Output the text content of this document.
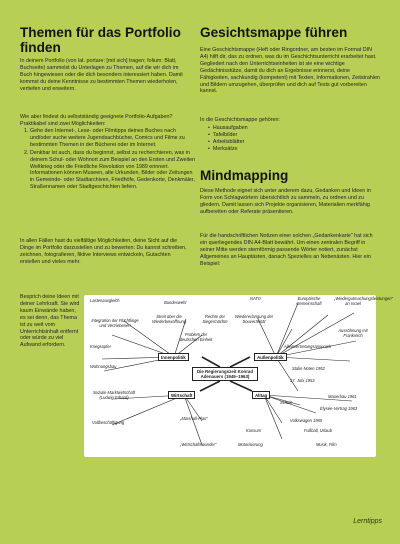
Themen für das Portfolio finden

In deinem Portfolio (von lat. portare: [mit sich] tragen; folium: Blatt, Buchseite) sammelst du Unterlagen zu Themen, auf die wir dich im Buch hingewiesen oder die dich besonders interessiert haben. Damit kommst du deine Kenntnisse zu bestimmten Themen wiederholen, vertiefen und erweitern.

Wie aber findest du selbstständig geeignete Portfolio-Aufgaben? Praktikabel sind zwei Möglichkeiten:

1. Gehe den Internet-, Lese- oder Filmtipps deines Buches nach und/oder suche weitere Jugendsachbücher, Comics und Filme zu bestimmten Themen in der Bücherei oder im Internet.
2. Denkbar ist auch, dass du beginnst, selbst zu recherchieren, was in deinem Schul- oder Wohnort zum Beispiel an den Ersten und Zweiten Weltkrieg oder die Friedliche Revolution von 1989 erinnert. Informationen können Museen, alte Urkunden, Bilder oder Zeitungen in Gemeinde- oder Stadtarchiven, Friedhöfe, Gedenkorte, Denkmäler, Straßennamen oder Stadtgeschichten liefern.

In allen Fällen hast du vielfältige Möglichkeiten, deine Sicht auf die Dinge im Portfolio darzustellen und zu bewerten: Du kannst schreiben, zeichnen, fotografieren, fiktive Interviews entwickeln, Gutachten erstellen und vieles mehr.

Besprich deine Ideen mit deiner Lehrkraft. Sie wird kaum Einwände haben, es sei denn, das Thema ist zu weit vom Unterrichtsinhalt entfernt oder würde zu viel Aufwand erfordern.

Gesichtsmappe führen

Eine Geschichtsmappe (Heft oder Ringordner, am besten im Format DIN A4) hilft dir, das zu ordnen, was du im Geschichtsunterricht erarbeitet hast. Gegliedert nach den Unterrichtseinheiten ist sie eine wichtige Gedächtnisstütze, damit du dich an Ergebnisse erinnerst, deine Fähigkeiten, sachkundig (kompetent) mit Texten, Informationen, Zeitstrahlen und Bildern umzugehen, überprüfen und dich auf Tests gut vorbereiten kannst.

In die Geschichtsmappe gehören:

• Hausaufgaben
• Tafelbilder
• Arbeitsblätter
• Merksätze
Mindmapping

Diese Methode eignet sich unter anderem dazu, Gedanken und Ideen in Form von Schlagwörtern übersichtlich zu sammeln, zu ordnen und zu gliedern. Damit lassen sich Projekte organisieren, Materialien merkfähig aufbereiten oder Referate präsentieren.

Für die handschriftlichen Notizen einer solchen „Gedankenkarte“ hat sich ein querliegendes DIN A4-Blatt bewährt. Um einen zentralen Begriff in seiner Mitte werden sternförmig passende Wörter notiert, zunächst Allgemeines an Hauptästen, danach Spezielles an Nebenästen. Hier ein Beispiel:

Innenpolitik	Außenpolitik
Wirtschaft	Alltag
Die Regierungszeit Konrad Adenauers (1949–1963)
Lastenausgleich
Integration der Flüchtlinge und Vertriebenen
Bundeswehr
Streit über die Wiederbewaffnung
Rechte der Siegermächte
Wiedererlangung der Souveränität
NATO	Europäische Gemeinschaft
„Wiedergutmachungsleistungen“ an Israel
Aussöhnung mit Frankreich
Problem der deutschen Einheit
Kriegsopfer	Alleinvertretungsanspruch
Wohnungsbau	Stalin-Noten 1952
Soziale Marktwirtschaft (Ludwig Erhard)
17. Juni 1953
Volkswagen 1955
Mauerbau 1961
Élysée-Vertrag 1963
Schule
Fußball, Urlaub
Vollbeschäftigung
„Marshall-Plan“
„Wirtschaftswunder“
Konsum
Motorisierung	Musik, Film
Lerntipps
